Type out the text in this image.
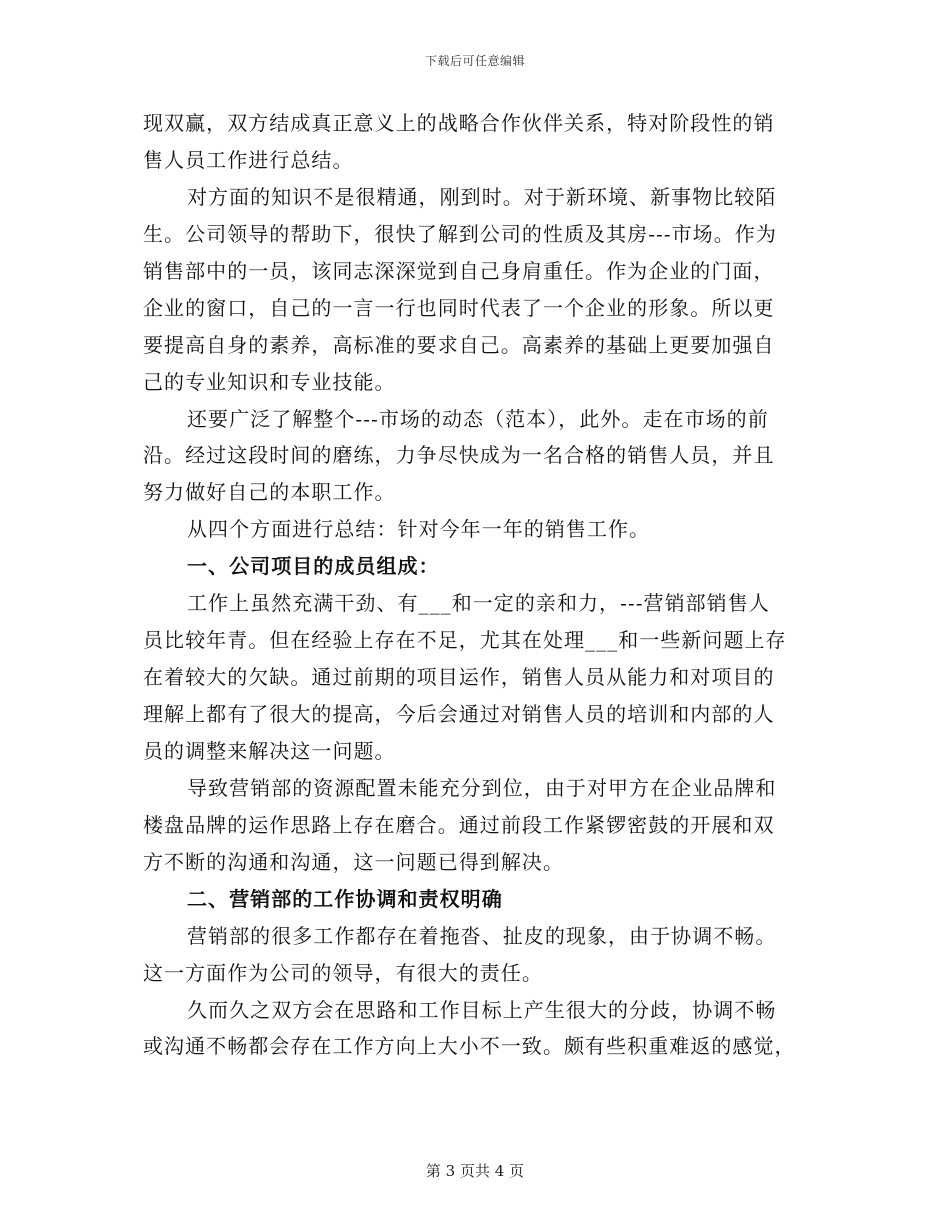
下载后可任意编辑
现双赢，双方结成真正意义上的战略合作伙伴关系，特对阶段性的销
售人员工作进行总结。
对方面的知识不是很精通，刚到时。对于新环境、新事物比较陌
生。公司领导的帮助下，很快了解到公司的性质及其房---市场。作为
销售部中的一员，该同志深深觉到自己身肩重任。作为企业的门面，
企业的窗口，自己的一言一行也同时代表了一个企业的形象。所以更
要提高自身的素养，高标准的要求自己。高素养的基础上更要加强自
己的专业知识和专业技能。
还要广泛了解整个---市场的动态（范本），此外。走在市场的前
沿。经过这段时间的磨练，力争尽快成为一名合格的销售人员，并且
努力做好自己的本职工作。
从四个方面进行总结：针对今年一年的销售工作。
一、公司项目的成员组成：
工作上虽然充满干劲、有___和一定的亲和力，---营销部销售人
员比较年青。但在经验上存在不足，尤其在处理___和一些新问题上存
在着较大的欠缺。通过前期的项目运作，销售人员从能力和对项目的
理解上都有了很大的提高，今后会通过对销售人员的培训和内部的人
员的调整来解决这一问题。
导致营销部的资源配置未能充分到位，由于对甲方在企业品牌和
楼盘品牌的运作思路上存在磨合。通过前段工作紧锣密鼓的开展和双
方不断的沟通和沟通，这一问题已得到解决。
二、营销部的工作协调和责权明确
营销部的很多工作都存在着拖沓、扯皮的现象，由于协调不畅。
这一方面作为公司的领导，有很大的责任。
久而久之双方会在思路和工作目标上产生很大的分歧，协调不畅
或沟通不畅都会存在工作方向上大小不一致。颇有些积重难返的感觉，
第 3 页共 4 页
